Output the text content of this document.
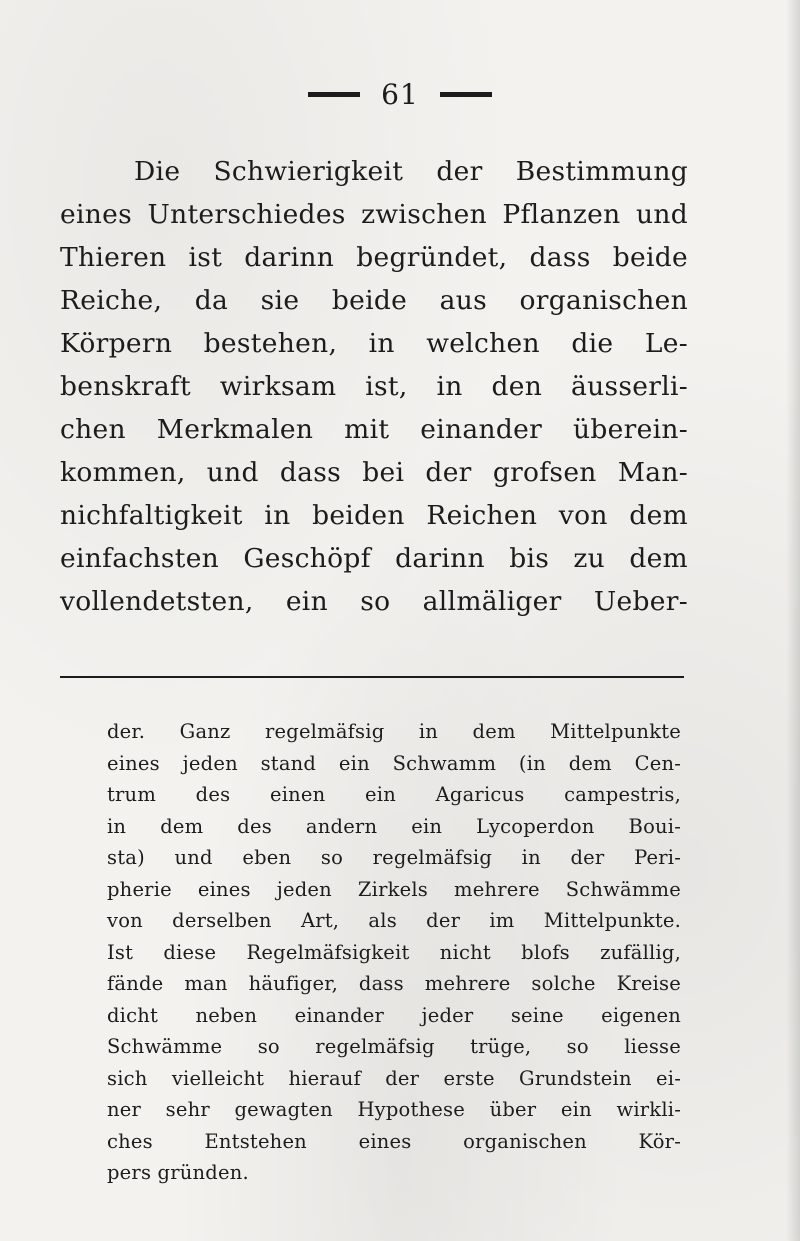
61
Die Schwierigkeit der Bestimmung
eines Unterschiedes zwischen Pflanzen und
Thieren ist darinn begründet, dass beide
Reiche, da sie beide aus organischen
Körpern bestehen, in welchen die Le-
benskraft wirksam ist, in den äusserli-
chen Merkmalen mit einander überein-
kommen, und dass bei der grofsen Man-
nichfaltigkeit in beiden Reichen von dem
einfachsten Geschöpf darinn bis zu dem
vollendetsten, ein so allmäliger Ueber-
der. Ganz regelmäfsig in dem Mittelpunkte
eines jeden stand ein Schwamm (in dem Cen-
trum des einen ein Agaricus campestris,
in dem des andern ein Lycoperdon Boui-
sta) und eben so regelmäfsig in der Peri-
pherie eines jeden Zirkels mehrere Schwämme
von derselben Art, als der im Mittelpunkte.
Ist diese Regelmäfsigkeit nicht blofs zufällig,
fände man häufiger, dass mehrere solche Kreise
dicht neben einander jeder seine eigenen
Schwämme so regelmäfsig trüge, so liesse
sich vielleicht hierauf der erste Grundstein ei-
ner sehr gewagten Hypothese über ein wirkli-
ches Entstehen eines organischen Kör-
pers gründen.
